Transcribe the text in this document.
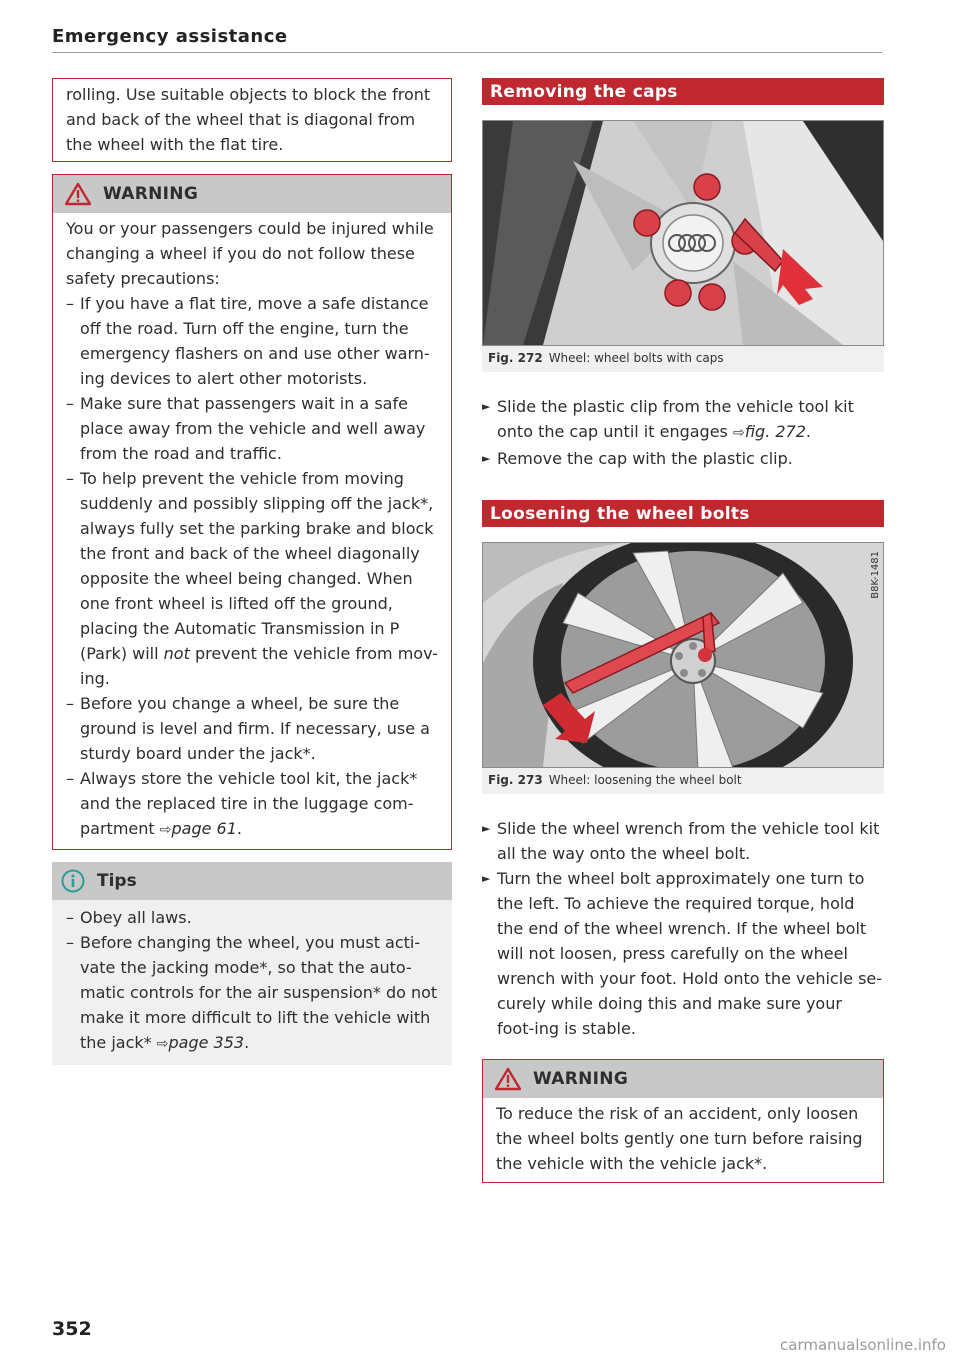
Emergency assistance
rolling. Use suitable objects to block the front and back of the wheel that is diagonal from the wheel with the flat tire.
WARNING
You or your passengers could be injured while changing a wheel if you do not follow these safety precautions:
– If you have a flat tire, move a safe distance off the road. Turn off the engine, turn the emergency flashers on and use other warn-ing devices to alert other motorists.
– Make sure that passengers wait in a safe place away from the vehicle and well away from the road and traffic.
– To help prevent the vehicle from moving suddenly and possibly slipping off the jack*, always fully set the parking brake and block the front and back of the wheel diagonally opposite the wheel being changed. When one front wheel is lifted off the ground, placing the Automatic Transmission in P (Park) will not prevent the vehicle from mov-ing.
– Before you change a wheel, be sure the ground is level and firm. If necessary, use a sturdy board under the jack*.
– Always store the vehicle tool kit, the jack* and the replaced tire in the luggage com-partment ⇨page 61.
Tips
– Obey all laws.
– Before changing the wheel, you must acti-vate the jacking mode*, so that the auto-matic controls for the air suspension* do not make it more difficult to lift the vehicle with the jack* ⇨page 353.
Removing the caps
B4L-1337
Fig. 272 Wheel: wheel bolts with caps
► Slide the plastic clip from the vehicle tool kit onto the cap until it engages ⇨fig. 272.
► Remove the cap with the plastic clip.
Loosening the wheel bolts
B8K-1481
Fig. 273 Wheel: loosening the wheel bolt
► Slide the wheel wrench from the vehicle tool kit all the way onto the wheel bolt.
► Turn the wheel bolt approximately one turn to the left. To achieve the required torque, hold the end of the wheel wrench. If the wheel bolt will not loosen, press carefully on the wheel wrench with your foot. Hold onto the vehicle se-curely while doing this and make sure your foot-ing is stable.
WARNING
To reduce the risk of an accident, only loosen the wheel bolts gently one turn before raising the vehicle with the vehicle jack*.
352
carmanualsonline.info
